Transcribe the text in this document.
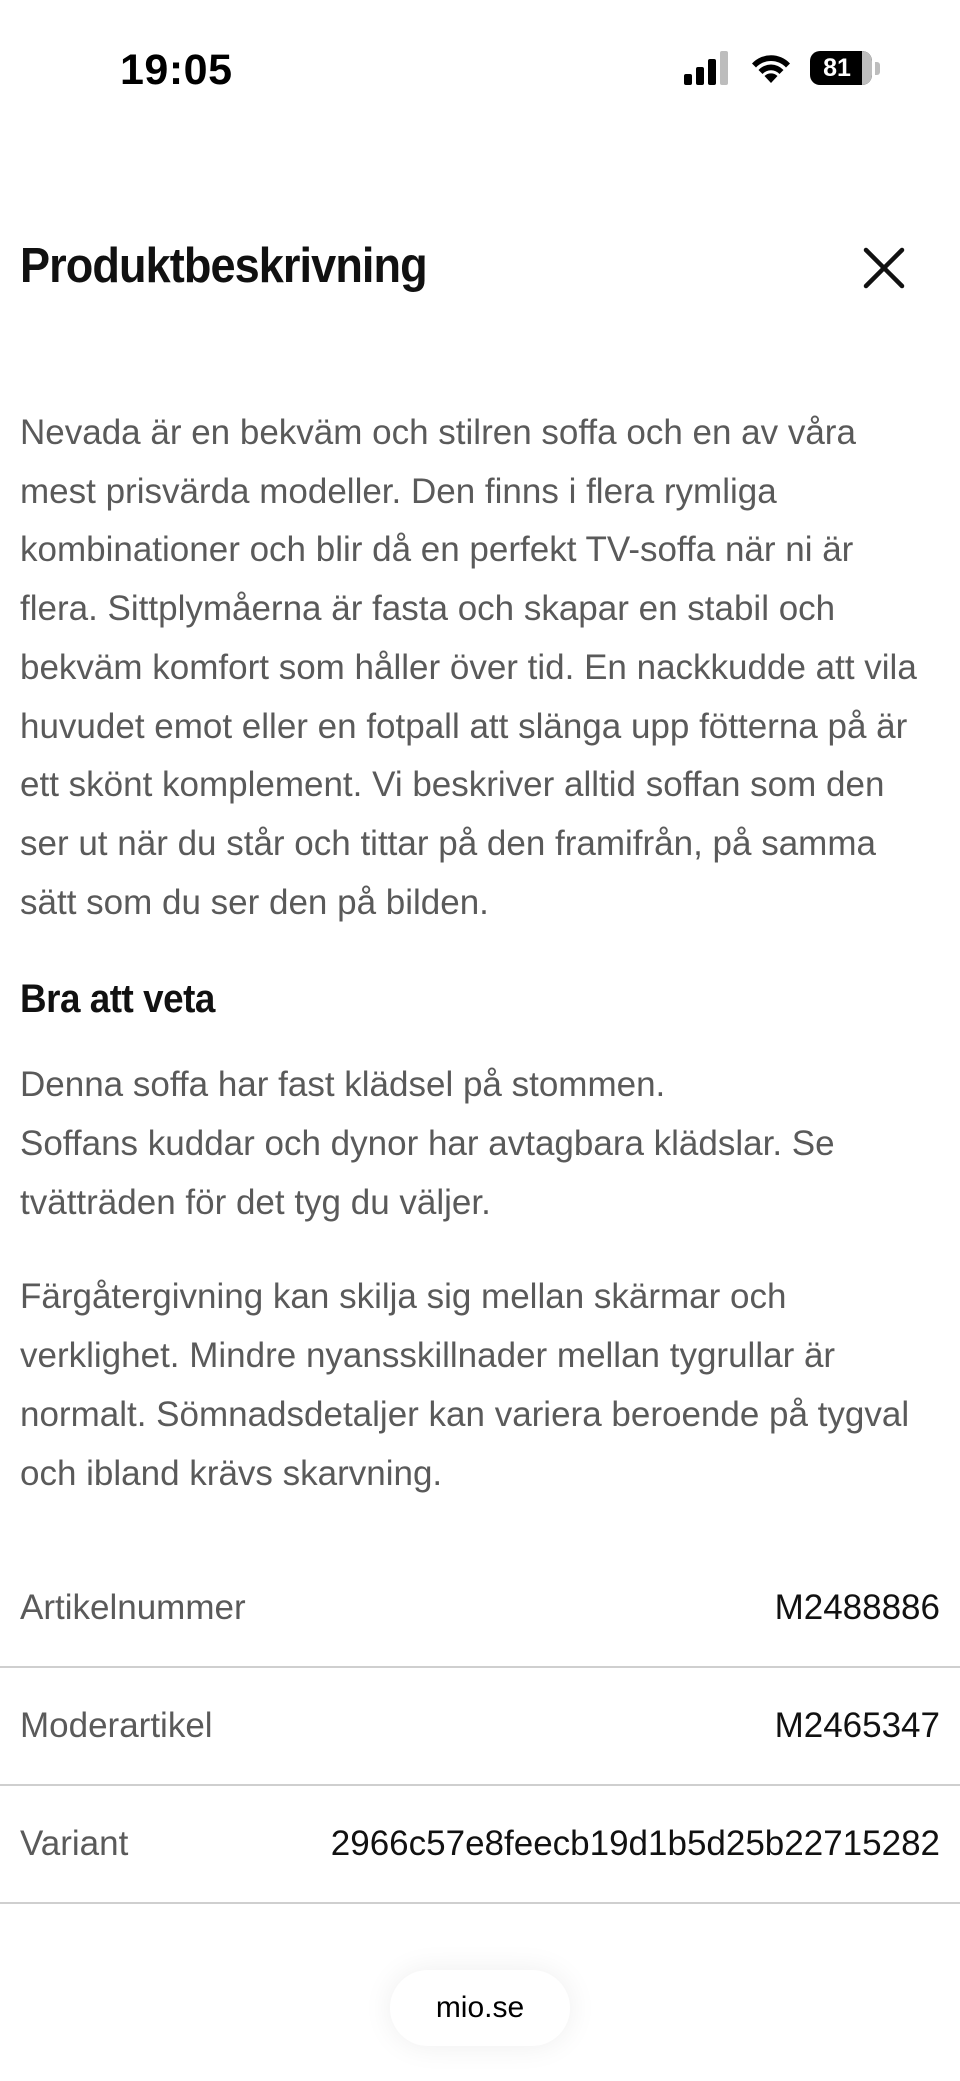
19:05	81
Produktbeskrivning

Nevada är en bekväm och stilren soffa och en av våra mest prisvärda modeller. Den finns i flera rymliga kombinationer och blir då en perfekt TV-soffa när ni är flera. Sittplymåerna är fasta och skapar en stabil och bekväm komfort som håller över tid. En nackkudde att vila huvudet emot eller en fotpall att slänga upp fötterna på är ett skönt komplement. Vi beskriver alltid soffan som den ser ut när du står och tittar på den framifrån, på samma sätt som du ser den på bilden.

Bra att veta

Denna soffa har fast klädsel på stommen.
Soffans kuddar och dynor har avtagbara klädslar. Se tvätträden för det tyg du väljer.

Färgåtergivning kan skilja sig mellan skärmar och verklighet. Mindre nyansskillnader mellan tygrullar är normalt. Sömnadsdetaljer kan variera beroende på tygval och ibland krävs skarvning.

Artikelnummer	M2488886
Moderartikel	M2465347
Variant	2966c57e8feecb19d1b5d25b22715282
mio.se
